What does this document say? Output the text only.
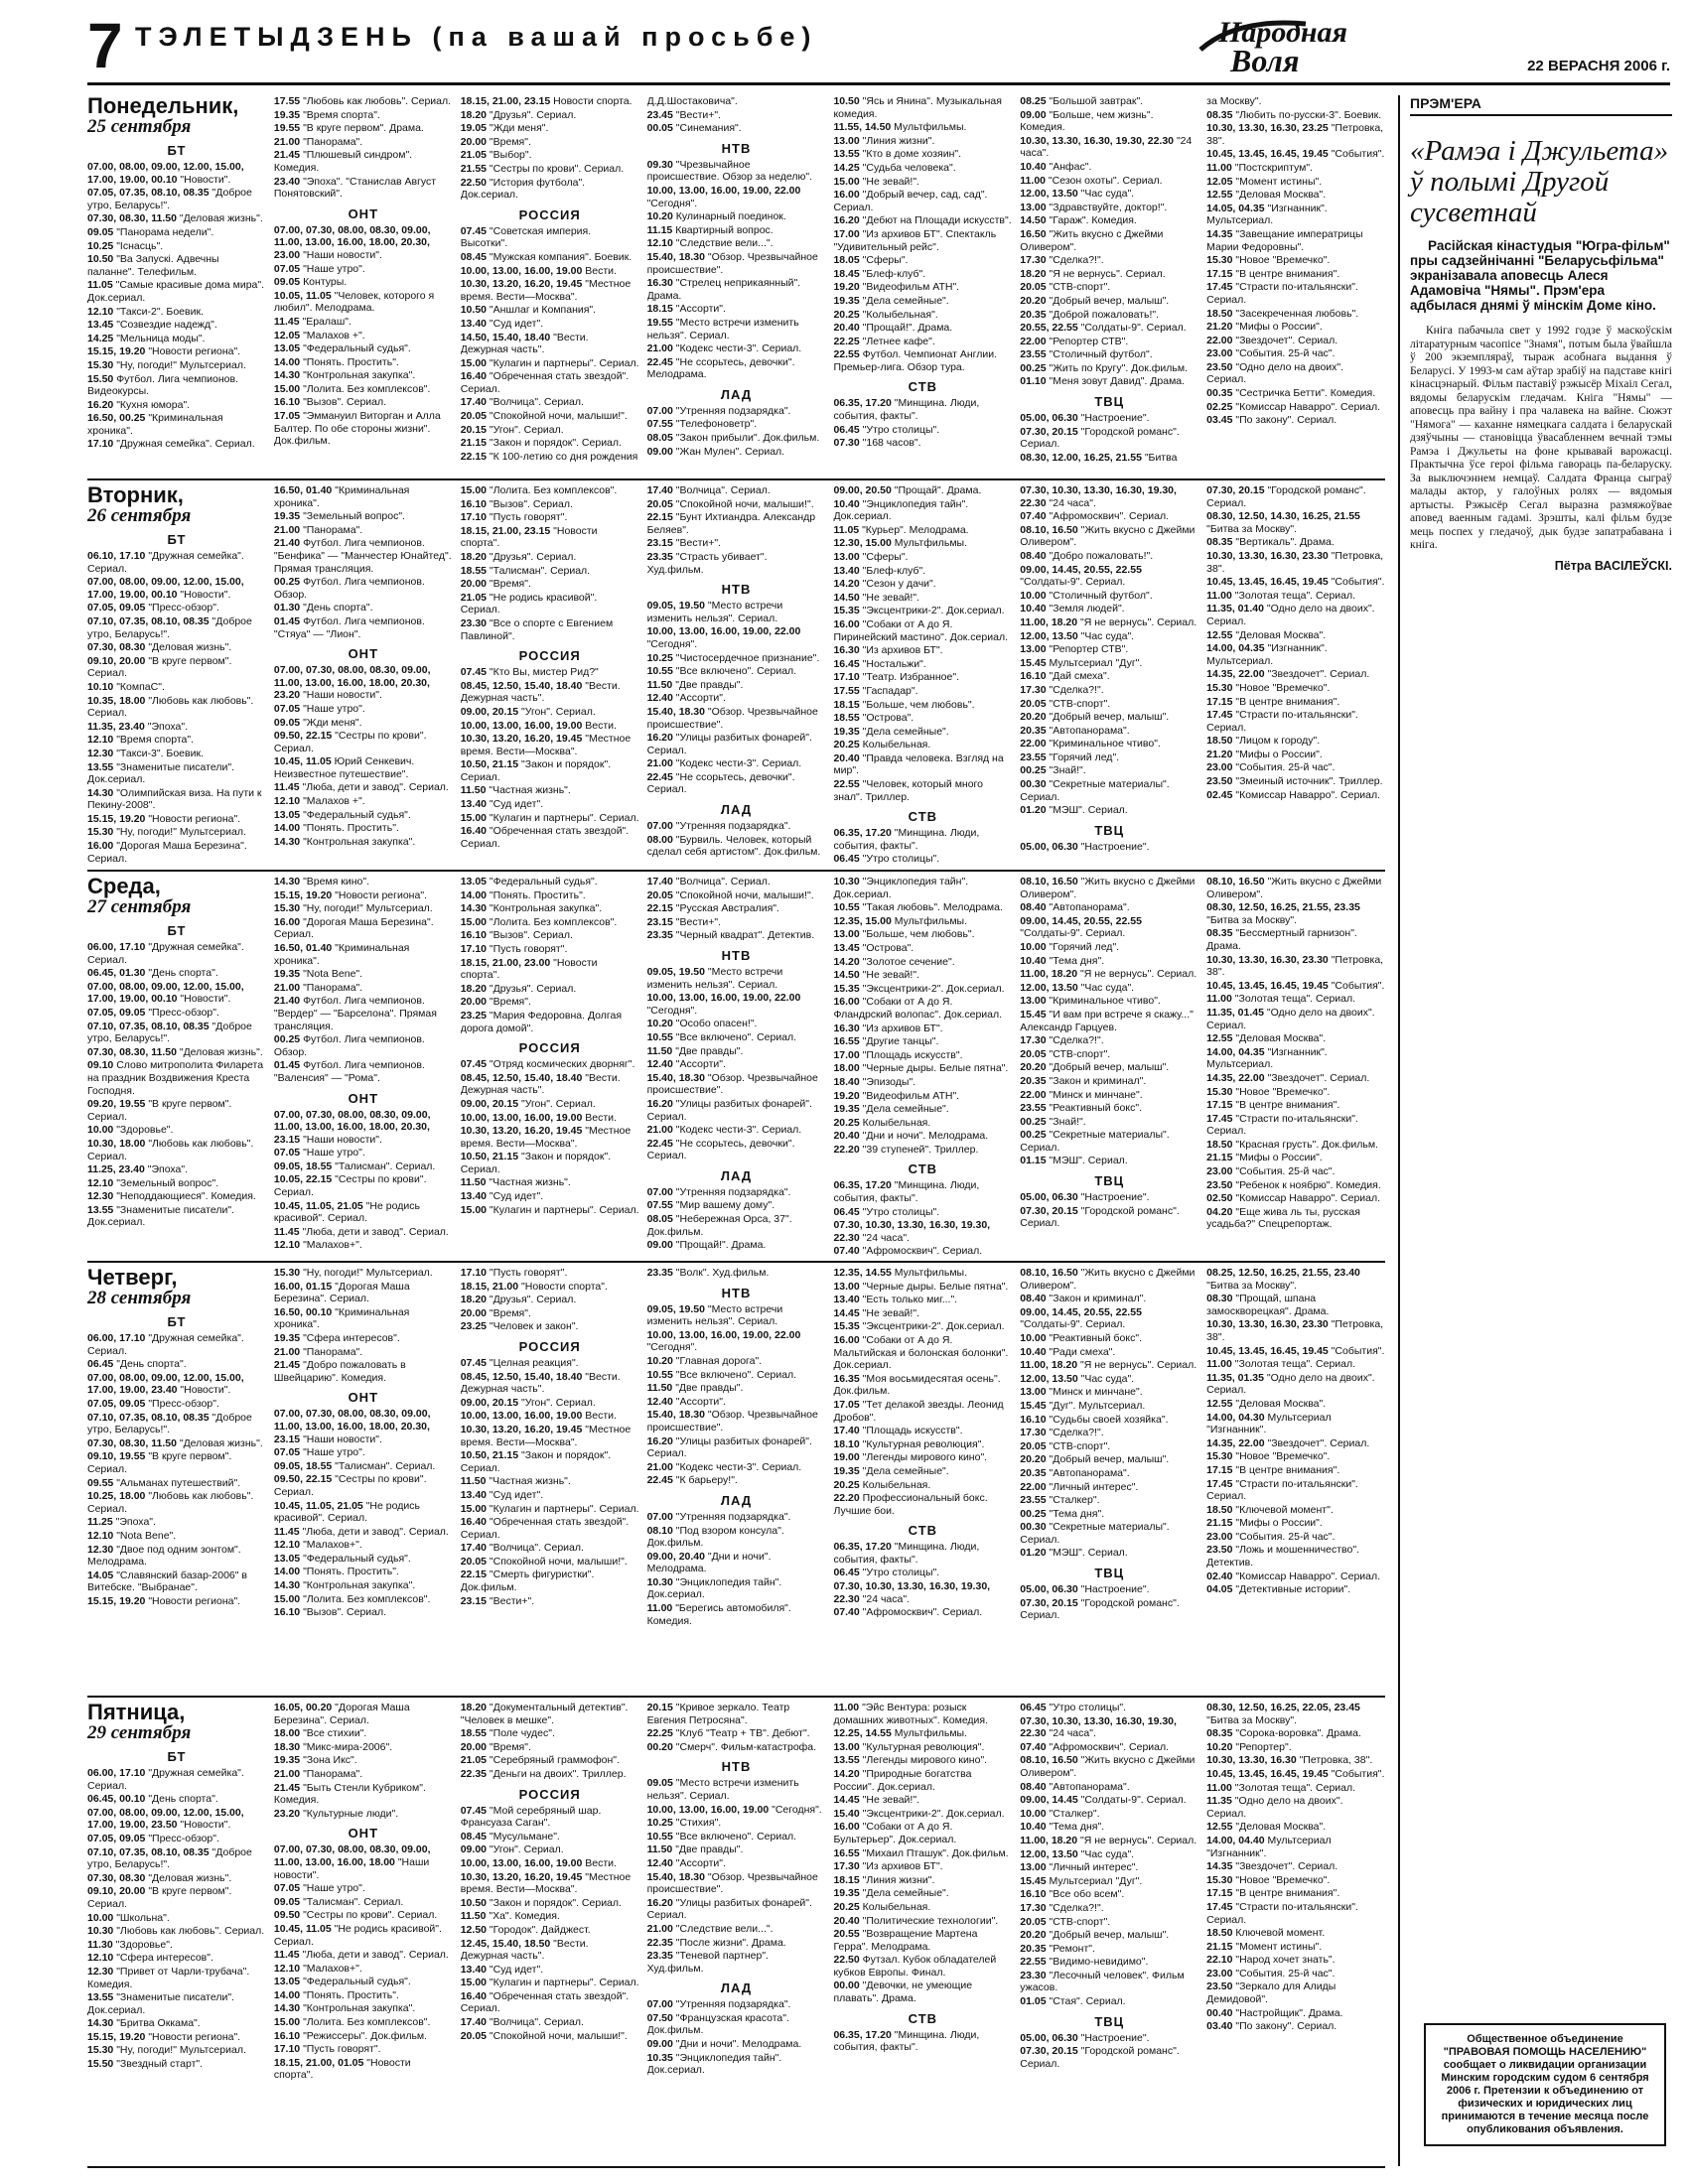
7 ТЭЛЕТЫДЗЕНЬ (па вашай просьбе)	Народная
Воля	22 ВЕРАСНЯ 2006 г.
Понедельник,
25 сентября
БТ

07.00, 08.00, 09.00, 12.00, 15.00, 17.00, 19.00, 00.10 "Новости".

07.05, 07.35, 08.10, 08.35 "Доброе утро, Беларусь!".

07.30, 08.30, 11.50 "Деловая жизнь".

09.05 "Панорама недели".

10.25 "Існасць".

10.50 "Ва Запускі. Адвечны паланне". Телефильм.

11.05 "Самые красивые дома мира". Док.сериал.

12.10 "Такси-2". Боевик.

13.45 "Созвездие надежд".

14.25 "Мельница моды".

15.15, 19.20 "Новости региона".

15.30 "Ну, погоди!" Мультсериал.

15.50 Футбол. Лига чемпионов. Видеокурсы.

16.20 "Кухня юмора".

16.50, 00.25 "Криминальная хроника".

17.10 "Дружная семейка". Сериал.

17.55 "Любовь как любовь". Сериал.

19.35 "Время спорта".

19.55 "В круге первом". Драма.

21.00 "Панорама".

21.45 "Плюшевый синдром". Комедия.

23.40 "Эпоха". "Станислав Август Понятовский".

ОНТ

07.00, 07.30, 08.00, 08.30, 09.00, 11.00, 13.00, 16.00, 18.00, 20.30, 23.00 "Наши новости".

07.05 "Наше утро".

09.05 Контуры.

10.05, 11.05 "Человек, которого я любил". Мелодрама.

11.45 "Ералаш".

12.05 "Малахов +".

13.05 "Федеральный судья".

14.00 "Понять. Простить".

14.30 "Контрольная закупка".

15.00 "Лолита. Без комплексов".

16.10 "Вызов". Сериал.

17.05 "Эммануил Виторган и Алла Балтер. По обе стороны жизни". Док.фильм.

18.15, 21.00, 23.15 Новости спорта.

18.20 "Друзья". Сериал.

19.05 "Жди меня".

20.00 "Время".

21.05 "Выбор".

21.55 "Сестры по крови". Сериал.

22.50 "История футбола". Док.сериал.

РОССИЯ

07.45 "Советская империя. Высотки".

08.45 "Мужская компания". Боевик.

10.00, 13.00, 16.00, 19.00 Вести.

10.30, 13.20, 16.20, 19.45 "Местное время. Вести—Москва".

10.50 "Аншлаг и Компания".

13.40 "Суд идет".

14.50, 15.40, 18.40 "Вести. Дежурная часть".

15.00 "Кулагин и партнеры". Сериал.

16.40 "Обреченная стать звездой". Сериал.

17.40 "Волчица". Сериал.

20.05 "Спокойной ночи, малыши!".

20.15 "Угон". Сериал.

21.15 "Закон и порядок". Сериал.

22.15 "К 100-летию со дня рождения

Д.Д.Шостаковича".

23.45 "Вести+".

00.05 "Синемания".

НТВ

09.30 "Чрезвычайное происшествие. Обзор за неделю".

10.00, 13.00, 16.00, 19.00, 22.00 "Сегодня".

10.20 Кулинарный поединок.

11.15 Квартирный вопрос.

12.10 "Следствие вели...".

15.40, 18.30 "Обзор. Чрезвычайное происшествие".

16.30 "Стрелец неприкаянный". Драма.

18.15 "Ассорти".

19.55 "Место встречи изменить нельзя". Сериал.

21.00 "Кодекс чести-3". Сериал.

22.45 "Не ссорьтесь, девочки". Мелодрама.

ЛАД

07.00 "Утренняя подзарядка".

07.55 "Телефоноветр".

08.05 "Закон прибыли". Док.фильм.

09.00 "Жан Мулен". Сериал.

10.50 "Ясь и Янина". Музыкальная комедия.

11.55, 14.50 Мультфильмы.

13.00 "Линия жизни".

13.55 "Кто в доме хозяин".

14.25 "Судьба человека".

15.00 "Не зевай!".

16.00 "Добрый вечер, сад, сад". Сериал.

16.20 "Дебют на Площади искусств".

17.00 "Из архивов БТ". Спектакль "Удивительный рейс".

18.05 "Сферы".

18.45 "Блеф-клуб".

19.20 "Видеофильм АТН".

19.35 "Дела семейные".

20.25 "Колыбельная".

20.40 "Прощай!". Драма.

22.25 "Летнее кафе".

22.55 Футбол. Чемпионат Англии. Премьер-лига. Обзор тура.

СТВ

06.35, 17.20 "Минщина. Люди, события, факты".

06.45 "Утро столицы".

07.30 "168 часов".

08.25 "Большой завтрак".

09.00 "Больше, чем жизнь". Комедия.

10.30, 13.30, 16.30, 19.30, 22.30 "24 часа".

10.40 "Анфас".

11.00 "Сезон охоты". Сериал.

12.00, 13.50 "Час суда".

13.00 "Здравствуйте, доктор!".

14.50 "Гараж". Комедия.

16.50 "Жить вкусно с Джейми Оливером".

17.30 "Сделка?!".

18.20 "Я не вернусь". Сериал.

20.05 "СТВ-спорт".

20.20 "Добрый вечер, малыш".

20.35 "Доброй пожаловать!".

20.55, 22.55 "Солдаты-9". Сериал.

22.00 "Репортер СТВ".

23.55 "Столичный футбол".

00.25 "Жить по Кругу". Док.фильм.

01.10 "Меня зовут Давид". Драма.

ТВЦ

05.00, 06.30 "Настроение".

07.30, 20.15 "Городской романс". Сериал.

08.30, 12.00, 16.25, 21.55 "Битва

за Москву".

08.35 "Любить по-русски-3". Боевик.

10.30, 13.30, 16.30, 23.25 "Петровка, 38".

10.45, 13.45, 16.45, 19.45 "События".

11.00 "Постскриптум".

12.05 "Момент истины".

12.55 "Деловая Москва".

14.05, 04.35 "Изгнанник". Мультсериал.

14.35 "Завещание императрицы Марии Федоровны".

15.30 "Новое "Времечко".

17.15 "В центре внимания".

17.45 "Страсти по-итальянски". Сериал.

18.50 "Засекреченная любовь".

21.20 "Мифы о России".

22.00 "Звездочет". Сериал.

23.00 "События. 25-й час".

23.50 "Одно дело на двоих". Сериал.

00.35 "Сестричка Бетти". Комедия.

02.25 "Комиссар Наварро". Сериал.

03.45 "По закону". Сериал.

Вторник,
26 сентября
БТ

06.10, 17.10 "Дружная семейка". Сериал.

07.00, 08.00, 09.00, 12.00, 15.00, 17.00, 19.00, 00.10 "Новости".

07.05, 09.05 "Пресс-обзор".

07.10, 07.35, 08.10, 08.35 "Доброе утро, Беларусь!".

07.30, 08.30 "Деловая жизнь".

09.10, 20.00 "В круге первом". Сериал.

10.10 "КомпаС".

10.35, 18.00 "Любовь как любовь". Сериал.

11.35, 23.40 "Эпоха".

12.10 "Время спорта".

12.30 "Такси-3". Боевик.

13.55 "Знаменитые писатели". Док.сериал.

14.30 "Олимпийская виза. На пути к Пекину-2008".

15.15, 19.20 "Новости региона".

15.30 "Ну, погоди!" Мультсериал.

16.00 "Дорогая Маша Березина". Сериал.

16.50, 01.40 "Криминальная хроника".

19.35 "Земельный вопрос".

21.00 "Панорама".

21.40 Футбол. Лига чемпионов. "Бенфика" — "Манчестер Юнайтед". Прямая трансляция.

00.25 Футбол. Лига чемпионов. Обзор.

01.30 "День спорта".

01.45 Футбол. Лига чемпионов. "Стяуа" — "Лион".

ОНТ

07.00, 07.30, 08.00, 08.30, 09.00, 11.00, 13.00, 16.00, 18.00, 20.30, 23.20 "Наши новости".

07.05 "Наше утро".

09.05 "Жди меня".

09.50, 22.15 "Сестры по крови". Сериал.

10.45, 11.05 Юрий Сенкевич. Неизвестное путешествие".

11.45 "Люба, дети и завод". Сериал.

12.10 "Малахов +".

13.05 "Федеральный судья".

14.00 "Понять. Простить".

14.30 "Контрольная закупка".

15.00 "Лолита. Без комплексов".

16.10 "Вызов". Сериал.

17.10 "Пусть говорят".

18.15, 21.00, 23.15 "Новости спорта".

18.20 "Друзья". Сериал.

18.55 "Талисман". Сериал.

20.00 "Время".

21.05 "Не родись красивой". Сериал.

23.30 "Все о спорте с Евгением Павлиной".

РОССИЯ

07.45 "Кто Вы, мистер Рид?"

08.45, 12.50, 15.40, 18.40 "Вести. Дежурная часть".

09.00, 20.15 "Угон". Сериал.

10.00, 13.00, 16.00, 19.00 Вести.

10.30, 13.20, 16.20, 19.45 "Местное время. Вести—Москва".

10.50, 21.15 "Закон и порядок". Сериал.

11.50 "Частная жизнь".

13.40 "Суд идет".

15.00 "Кулагин и партнеры". Сериал.

16.40 "Обреченная стать звездой". Сериал.

17.40 "Волчица". Сериал.

20.05 "Спокойной ночи, малыши!".

22.15 "Бунт Ихтиандра. Александр Беляев".

23.15 "Вести+".

23.35 "Страсть убивает". Худ.фильм.

НТВ

09.05, 19.50 "Место встречи изменить нельзя". Сериал.

10.00, 13.00, 16.00, 19.00, 22.00 "Сегодня".

10.25 "Чистосердечное признание".

10.55 "Все включено". Сериал.

11.50 "Две правды".

12.40 "Ассорти".

15.40, 18.30 "Обзор. Чрезвычайное происшествие".

16.20 "Улицы разбитых фонарей". Сериал.

21.00 "Кодекс чести-3". Сериал.

22.45 "Не ссорьтесь, девочки". Сериал.

ЛАД

07.00 "Утренняя подзарядка".

08.00 "Бурвиль. Человек, который сделал себя артистом". Док.фильм.

09.00, 20.50 "Прощай". Драма.

10.40 "Энциклопедия тайн". Док.сериал.

11.05 "Курьер". Мелодрама.

12.30, 15.00 Мультфильмы.

13.00 "Сферы".

13.40 "Блеф-клуб".

14.20 "Сезон у дачи".

14.50 "Не зевай!".

15.35 "Эксцентрики-2". Док.сериал.

16.00 "Собаки от А до Я. Пиринейский мастино". Док.сериал.

16.30 "Из архивов БТ".

16.45 "Ностальжи".

17.10 "Театр. Избранное".

17.55 "Гаспадар".

18.15 "Больше, чем любовь".

18.55 "Острова".

19.35 "Дела семейные".

20.25 Колыбельная.

20.40 "Правда человека. Взгляд на мир".

22.55 "Человек, который много знал". Триллер.

СТВ

06.35, 17.20 "Минщина. Люди, события, факты".

06.45 "Утро столицы".

07.30, 10.30, 13.30, 16.30, 19.30, 22.30 "24 часа".

07.40 "Афромосквич". Сериал.

08.10, 16.50 "Жить вкусно с Джейми Оливером".

08.40 "Добро пожаловать!".

09.00, 14.45, 20.55, 22.55 "Солдаты-9". Сериал.

10.00 "Столичный футбол".

10.40 "Земля людей".

11.00, 18.20 "Я не вернусь". Сериал.

12.00, 13.50 "Час суда".

13.00 "Репортер СТВ".

15.45 Мультсериал "Дуг".

16.10 "Дай смеха".

17.30 "Сделка?!".

20.05 "СТВ-спорт".

20.20 "Добрый вечер, малыш".

20.35 "Автопанорама".

22.00 "Криминальное чтиво".

23.55 "Горячий лед".

00.25 "Знай!".

00.30 "Секретные материалы". Сериал.

01.20 "МЭШ". Сериал.

ТВЦ

05.00, 06.30 "Настроение".

07.30, 20.15 "Городской романс". Сериал.

08.30, 12.50, 14.30, 16.25, 21.55 "Битва за Москву".

08.35 "Вертикаль". Драма.

10.30, 13.30, 16.30, 23.30 "Петровка, 38".

10.45, 13.45, 16.45, 19.45 "События".

11.00 "Золотая теща". Сериал.

11.35, 01.40 "Одно дело на двоих". Сериал.

12.55 "Деловая Москва".

14.00, 04.35 "Изгнанник". Мультсериал.

14.35, 22.00 "Звездочет". Сериал.

15.30 "Новое "Времечко".

17.15 "В центре внимания".

17.45 "Страсти по-итальянски". Сериал.

18.50 "Лицом к городу".

21.20 "Мифы о России".

23.00 "События. 25-й час".

23.50 "Змеиный источник". Триллер.

02.45 "Комиссар Наварро". Сериал.

Среда,
27 сентября
БТ

06.00, 17.10 "Дружная семейка". Сериал.

06.45, 01.30 "День спорта".

07.00, 08.00, 09.00, 12.00, 15.00, 17.00, 19.00, 00.10 "Новости".

07.05, 09.05 "Пресс-обзор".

07.10, 07.35, 08.10, 08.35 "Доброе утро, Беларусь!".

07.30, 08.30, 11.50 "Деловая жизнь".

09.10 Слово митрополита Филарета на праздник Воздвижения Креста Господня.

09.20, 19.55 "В круге первом". Сериал.

10.00 "Здоровье".

10.30, 18.00 "Любовь как любовь". Сериал.

11.25, 23.40 "Эпоха".

12.10 "Земельный вопрос".

12.30 "Неподдающиеся". Комедия.

13.55 "Знаменитые писатели". Док.сериал.

14.30 "Время кино".

15.15, 19.20 "Новости региона".

15.30 "Ну, погоди!" Мультсериал.

16.00 "Дорогая Маша Березина". Сериал.

16.50, 01.40 "Криминальная хроника".

19.35 "Nota Bene".

21.00 "Панорама".

21.40 Футбол. Лига чемпионов. "Вердер" — "Барселона". Прямая трансляция.

00.25 Футбол. Лига чемпионов. Обзор.

01.45 Футбол. Лига чемпионов. "Валенсия" — "Рома".

ОНТ

07.00, 07.30, 08.00, 08.30, 09.00, 11.00, 13.00, 16.00, 18.00, 20.30, 23.15 "Наши новости".

07.05 "Наше утро".

09.05, 18.55 "Талисман". Сериал.

10.05, 22.15 "Сестры по крови". Сериал.

10.45, 11.05, 21.05 "Не родись красивой". Сериал.

11.45 "Люба, дети и завод". Сериал.

12.10 "Малахов+".

13.05 "Федеральный судья".

14.00 "Понять. Простить".

14.30 "Контрольная закупка".

15.00 "Лолита. Без комплексов".

16.10 "Вызов". Сериал.

17.10 "Пусть говорят".

18.15, 21.00, 23.00 "Новости спорта".

18.20 "Друзья". Сериал.

20.00 "Время".

23.25 "Мария Федоровна. Долгая дорога домой".

РОССИЯ

07.45 "Отряд космических дворняг".

08.45, 12.50, 15.40, 18.40 "Вести. Дежурная часть".

09.00, 20.15 "Угон". Сериал.

10.00, 13.00, 16.00, 19.00 Вести.

10.30, 13.20, 16.20, 19.45 "Местное время. Вести—Москва".

10.50, 21.15 "Закон и порядок". Сериал.

11.50 "Частная жизнь".

13.40 "Суд идет".

15.00 "Кулагин и партнеры". Сериал.

17.40 "Волчица". Сериал.

20.05 "Спокойной ночи, малыши!".

22.15 "Русская Австралия".

23.15 "Вести+".

23.35 "Черный квадрат". Детектив.

НТВ

09.05, 19.50 "Место встречи изменить нельзя". Сериал.

10.00, 13.00, 16.00, 19.00, 22.00 "Сегодня".

10.20 "Особо опасен!".

10.55 "Все включено". Сериал.

11.50 "Две правды".

12.40 "Ассорти".

15.40, 18.30 "Обзор. Чрезвычайное происшествие".

16.20 "Улицы разбитых фонарей". Сериал.

21.00 "Кодекс чести-3". Сериал.

22.45 "Не ссорьтесь, девочки". Сериал.

ЛАД

07.00 "Утренняя подзарядка".

07.55 "Мир вашему дому".

08.05 "Небережная Орса, 37". Док.фильм.

09.00 "Прощай!". Драма.

10.30 "Энциклопедия тайн". Док.сериал.

10.55 "Такая любовь". Мелодрама.

12.35, 15.00 Мультфильмы.

13.00 "Больше, чем любовь".

13.45 "Острова".

14.20 "Золотое сечение".

14.50 "Не зевай!".

15.35 "Эксцентрики-2". Док.сериал.

16.00 "Собаки от А до Я. Фландрский волопас". Док.сериал.

16.30 "Из архивов БТ".

16.55 "Другие танцы".

17.00 "Площадь искусств".

18.00 "Черные дыры. Белые пятна".

18.40 "Эпизоды".

19.20 "Видеофильм АТН".

19.35 "Дела семейные".

20.25 Колыбельная.

20.40 "Дни и ночи". Мелодрама.

22.20 "39 ступеней". Триллер.

СТВ

06.35, 17.20 "Минщина. Люди, события, факты".

06.45 "Утро столицы".

07.30, 10.30, 13.30, 16.30, 19.30, 22.30 "24 часа".

07.40 "Афромосквич". Сериал.

08.10, 16.50 "Жить вкусно с Джейми Оливером".

08.40 "Автопанорама".

09.00, 14.45, 20.55, 22.55 "Солдаты-9". Сериал.

10.00 "Горячий лед".

10.40 "Тема дня".

11.00, 18.20 "Я не вернусь". Сериал.

12.00, 13.50 "Час суда".

13.00 "Криминальное чтиво".

15.45 "И вам при встрече я скажу..." Александр Гарцуев.

17.30 "Сделка?!".

20.05 "СТВ-спорт".

20.20 "Добрый вечер, малыш".

20.35 "Закон и криминал".

22.00 "Минск и минчане".

23.55 "Реактивный бокс".

00.25 "Знай!".

00.25 "Секретные материалы". Сериал.

01.15 "МЭШ". Сериал.

ТВЦ

05.00, 06.30 "Настроение".

07.30, 20.15 "Городской романс". Сериал.

08.10, 16.50 "Жить вкусно с Джейми Оливером".

08.30, 12.50, 16.25, 21.55, 23.35 "Битва за Москву".

08.35 "Бессмертный гарнизон". Драма.

10.30, 13.30, 16.30, 23.30 "Петровка, 38".

10.45, 13.45, 16.45, 19.45 "События".

11.00 "Золотая теща". Сериал.

11.35, 01.45 "Одно дело на двоих". Сериал.

12.55 "Деловая Москва".

14.00, 04.35 "Изгнанник". Мультсериал.

14.35, 22.00 "Звездочет". Сериал.

15.30 "Новое "Времечко".

17.15 "В центре внимания".

17.45 "Страсти по-итальянски". Сериал.

18.50 "Красная грусть". Док.фильм.

21.15 "Мифы о России".

23.00 "События. 25-й час".

23.50 "Ребенок к ноябрю". Комедия.

02.50 "Комиссар Наварро". Сериал.

04.20 "Еще жива ль ты, русская усадьба?" Спецрепортаж.

Четверг,
28 сентября
БТ

06.00, 17.10 "Дружная семейка". Сериал.

06.45 "День спорта".

07.00, 08.00, 09.00, 12.00, 15.00, 17.00, 19.00, 23.40 "Новости".

07.05, 09.05 "Пресс-обзор".

07.10, 07.35, 08.10, 08.35 "Доброе утро, Беларусь!".

07.30, 08.30, 11.50 "Деловая жизнь".

09.10, 19.55 "В круге первом". Сериал.

09.55 "Альманах путешествий".

10.25, 18.00 "Любовь как любовь". Сериал.

11.25 "Эпоха".

12.10 "Nota Bene".

12.30 "Двое под одним зонтом". Мелодрама.

14.05 "Славянский базар-2006" в Витебске. "Выбранае".

15.15, 19.20 "Новости региона".

15.30 "Ну, погоди!" Мультсериал.

16.00, 01.15 "Дорогая Маша Березина". Сериал.

16.50, 00.10 "Криминальная хроника".

19.35 "Сфера интересов".

21.00 "Панорама".

21.45 "Добро пожаловать в Швейцарию". Комедия.

ОНТ

07.00, 07.30, 08.00, 08.30, 09.00, 11.00, 13.00, 16.00, 18.00, 20.30, 23.15 "Наши новости".

07.05 "Наше утро".

09.05, 18.55 "Талисман". Сериал.

09.50, 22.15 "Сестры по крови". Сериал.

10.45, 11.05, 21.05 "Не родись красивой". Сериал.

11.45 "Люба, дети и завод". Сериал.

12.10 "Малахов+".

13.05 "Федеральный судья".

14.00 "Понять. Простить".

14.30 "Контрольная закупка".

15.00 "Лолита. Без комплексов".

16.10 "Вызов". Сериал.

17.10 "Пусть говорят".

18.15, 21.00 "Новости спорта".

18.20 "Друзья". Сериал.

20.00 "Время".

23.25 "Человек и закон".

РОССИЯ

07.45 "Целная реакция".

08.45, 12.50, 15.40, 18.40 "Вести. Дежурная часть".

09.00, 20.15 "Угон". Сериал.

10.00, 13.00, 16.00, 19.00 Вести.

10.30, 13.20, 16.20, 19.45 "Местное время. Вести—Москва".

10.50, 21.15 "Закон и порядок". Сериал.

11.50 "Частная жизнь".

13.40 "Суд идет".

15.00 "Кулагин и партнеры". Сериал.

16.40 "Обреченная стать звездой". Сериал.

17.40 "Волчица". Сериал.

20.05 "Спокойной ночи, малыши!".

22.15 "Смерть фигуристки". Док.фильм.

23.15 "Вести+".

23.35 "Волк". Худ.фильм.

НТВ

09.05, 19.50 "Место встречи изменить нельзя". Сериал.

10.00, 13.00, 16.00, 19.00, 22.00 "Сегодня".

10.20 "Главная дорога".

10.55 "Все включено". Сериал.

11.50 "Две правды".

12.40 "Ассорти".

15.40, 18.30 "Обзор. Чрезвычайное происшествие".

16.20 "Улицы разбитых фонарей". Сериал.

21.00 "Кодекс чести-3". Сериал.

22.45 "К барьеру!".

ЛАД

07.00 "Утренняя подзарядка".

08.10 "Под взором консула". Док.фильм.

09.00, 20.40 "Дни и ночи". Мелодрама.

10.30 "Энциклопедия тайн". Док.сериал.

11.00 "Берегись автомобиля". Комедия.

12.35, 14.55 Мультфильмы.

13.00 "Черные дыры. Белые пятна".

13.40 "Есть только миг...".

14.45 "Не зевай!".

15.35 "Эксцентрики-2". Док.сериал.

16.00 "Собаки от А до Я. Мальтийская и болонская болонки". Док.сериал.

16.35 "Моя восьмидесятая осень". Док.фильм.

17.05 "Тет делакой звезды. Леонид Дробов".

17.40 "Площадь искусств".

18.10 "Культурная революция".

19.00 "Легенды мирового кино".

19.35 "Дела семейные".

20.25 Колыбельная.

22.20 Профессиональный бокс. Лучшие бои.

СТВ

06.35, 17.20 "Минщина. Люди, события, факты".

06.45 "Утро столицы".

07.30, 10.30, 13.30, 16.30, 19.30, 22.30 "24 часа".

07.40 "Афромосквич". Сериал.

08.10, 16.50 "Жить вкусно с Джейми Оливером".

08.40 "Закон и криминал".

09.00, 14.45, 20.55, 22.55 "Солдаты-9". Сериал.

10.00 "Реактивный бокс".

10.40 "Ради смеха".

11.00, 18.20 "Я не вернусь". Сериал.

12.00, 13.50 "Час суда".

13.00 "Минск и минчане".

15.45 "Дуг". Мультсериал.

16.10 "Судьбы своей хозяйка".

17.30 "Сделка?!".

20.05 "СТВ-спорт".

20.20 "Добрый вечер, малыш".

20.35 "Автопанорама".

22.00 "Личный интерес".

23.55 "Сталкер".

00.25 "Тема дня".

00.30 "Секретные материалы". Сериал.

01.20 "МЭШ". Сериал.

ТВЦ

05.00, 06.30 "Настроение".

07.30, 20.15 "Городской романс". Сериал.

08.25, 12.50, 16.25, 21.55, 23.40 "Битва за Москву".

08.30 "Прощай, шпана замоскворецкая". Драма.

10.30, 13.30, 16.30, 23.30 "Петровка, 38".

10.45, 13.45, 16.45, 19.45 "События".

11.00 "Золотая теща". Сериал.

11.35, 01.35 "Одно дело на двоих". Сериал.

12.55 "Деловая Москва".

14.00, 04.30 Мультсериал "Изгнанник".

14.35, 22.00 "Звездочет". Сериал.

15.30 "Новое "Времечко".

17.15 "В центре внимания".

17.45 "Страсти по-итальянски". Сериал.

18.50 "Ключевой момент".

21.15 "Мифы о России".

23.00 "События. 25-й час".

23.50 "Ложь и мошенничество". Детектив.

02.40 "Комиссар Наварро". Сериал.

04.05 "Детективные истории".

Пятница,
29 сентября
БТ

06.00, 17.10 "Дружная семейка". Сериал.

06.45, 00.10 "День спорта".

07.00, 08.00, 09.00, 12.00, 15.00, 17.00, 19.00, 23.50 "Новости".

07.05, 09.05 "Пресс-обзор".

07.10, 07.35, 08.10, 08.35 "Доброе утро, Беларусь!".

07.30, 08.30 "Деловая жизнь".

09.10, 20.00 "В круге первом". Сериал.

10.00 "Школьна".

10.30 "Любовь как любовь". Сериал.

11.30 "Здоровье".

12.10 "Сфера интересов".

12.30 "Привет от Чарли-трубача". Комедия.

13.55 "Знаменитые писатели". Док.сериал.

14.30 "Бритва Оккама".

15.15, 19.20 "Новости региона".

15.30 "Ну, погоди!" Мультсериал.

15.50 "Звездный старт".

16.05, 00.20 "Дорогая Маша Березина". Сериал.

18.00 "Все стихии".

18.30 "Микс-мира-2006".

19.35 "Зона Икс".

21.00 "Панорама".

21.45 "Быть Стенли Кубриком". Комедия.

23.20 "Культурные люди".

ОНТ

07.00, 07.30, 08.00, 08.30, 09.00, 11.00, 13.00, 16.00, 18.00 "Наши новости".

07.05 "Наше утро".

09.05 "Талисман". Сериал.

09.50 "Сестры по крови". Сериал.

10.45, 11.05 "Не родись красивой". Сериал.

11.45 "Люба, дети и завод". Сериал.

12.10 "Малахов+".

13.05 "Федеральный судья".

14.00 "Понять. Простить".

14.30 "Контрольная закупка".

15.00 "Лолита. Без комплексов".

16.10 "Режиссеры". Док.фильм.

17.10 "Пусть говорят".

18.15, 21.00, 01.05 "Новости спорта".

18.20 "Документальный детектив". "Человек в мешке".

18.55 "Поле чудес".

20.00 "Время".

21.05 "Серебряный граммофон".

22.35 "Деньги на двоих". Триллер.

РОССИЯ

07.45 "Мой серебряный шар. Франсуаза Саган".

08.45 "Мусульмане".

09.00 "Угон". Сериал.

10.00, 13.00, 16.00, 19.00 Вести.

10.30, 13.20, 16.20, 19.45 "Местное время. Вести—Москва".

10.50 "Закон и порядок". Сериал.

11.50 "Ха". Комедия.

12.50 "Городок". Дайджест.

12.45, 15.40, 18.50 "Вести. Дежурная часть".

13.40 "Суд идет".

15.00 "Кулагин и партнеры". Сериал.

16.40 "Обреченная стать звездой". Сериал.

17.40 "Волчица". Сериал.

20.05 "Спокойной ночи, малыши!".

20.15 "Кривое зеркало. Театр Евгения Петросяна".

22.25 "Клуб "Театр + ТВ". Дебют".

00.20 "Смерч". Фильм-катастрофа.

НТВ

09.05 "Место встречи изменить нельзя". Сериал.

10.00, 13.00, 16.00, 19.00 "Сегодня".

10.25 "Стихия".

10.55 "Все включено". Сериал.

11.50 "Две правды".

12.40 "Ассорти".

15.40, 18.30 "Обзор. Чрезвычайное происшествие".

16.20 "Улицы разбитых фонарей". Сериал.

21.00 "Следствие вели...".

22.35 "После жизни". Драма.

23.35 "Теневой партнер". Худ.фильм.

ЛАД

07.00 "Утренняя подзарядка".

07.50 "Французская красота". Док.фильм.

09.00 "Дни и ночи". Мелодрама.

10.35 "Энциклопедия тайн". Док.сериал.

11.00 "Эйс Вентура: розыск домашних животных". Комедия.

12.25, 14.55 Мультфильмы.

13.00 "Культурная революция".

13.55 "Легенды мирового кино".

14.20 "Природные богатства России". Док.сериал.

14.45 "Не зевай!".

15.40 "Эксцентрики-2". Док.сериал.

16.00 "Собаки от А до Я. Бультерьер". Док.сериал.

16.55 "Михаил Пташук". Док.фильм.

17.30 "Из архивов БТ".

18.15 "Линия жизни".

19.35 "Дела семейные".

20.25 Колыбельная.

20.40 "Политические технологии".

20.55 "Возвращение Мартена Герра". Мелодрама.

22.50 Футзал. Кубок обладателей кубков Европы. Финал.

00.00 "Девочки, не умеющие плавать". Драма.

СТВ

06.35, 17.20 "Минщина. Люди, события, факты".

06.45 "Утро столицы".

07.30, 10.30, 13.30, 16.30, 19.30, 22.30 "24 часа".

07.40 "Афромосквич". Сериал.

08.10, 16.50 "Жить вкусно с Джейми Оливером".

08.40 "Автопанорама".

09.00, 14.45 "Солдаты-9". Сериал.

10.00 "Сталкер".

10.40 "Тема дня".

11.00, 18.20 "Я не вернусь". Сериал.

12.00, 13.50 "Час суда".

13.00 "Личный интерес".

15.45 Мультсериал "Дуг".

16.10 "Все обо всем".

17.30 "Сделка?!".

20.05 "СТВ-спорт".

20.20 "Добрый вечер, малыш".

20.35 "Ремонт".

22.55 "Видимо-невидимо".

23.30 "Лесочный человек". Фильм ужасов.

01.05 "Стая". Сериал.

ТВЦ

05.00, 06.30 "Настроение".

07.30, 20.15 "Городской романс". Сериал.

08.30, 12.50, 16.25, 22.05, 23.45 "Битва за Москву".

08.35 "Сорока-воровка". Драма.

10.20 "Репортер".

10.30, 13.30, 16.30 "Петровка, 38".

10.45, 13.45, 16.45, 19.45 "События".

11.00 "Золотая теща". Сериал.

11.35 "Одно дело на двоих". Сериал.

12.55 "Деловая Москва".

14.00, 04.40 Мультсериал "Изгнанник".

14.35 "Звездочет". Сериал.

15.30 "Новое "Времечко".

17.15 "В центре внимания".

17.45 "Страсти по-итальянски". Сериал.

18.50 Ключевой момент.

21.15 "Момент истины".

22.10 "Народ хочет знать".

23.00 "События. 25-й час".

23.50 "Зеркало для Алиды Демидовой".

00.40 "Настройщик". Драма.

03.40 "По закону". Сериал.

ПРЭМ'ЕРА
«Рамэа і Джульета» ў полымі Другой сусветнай
Расійская кінастудыя "Югра-фільм" пры садзейнічанні "Беларусьфільма" экранізавала аповесць Алеся Адамовіча "Нямы". Прэм'ера адбылася днямі ў мінскім Доме кіно.
Кніга пабачыла свет у 1992 годзе ў маскоўскім літаратурным часопісе "Знамя", потым была ўвайшла ў 200 экземпляраў, тыраж асобнага выдання ў Беларусі. У 1993-м сам аўтар зрабіў на падставе кнігі кінасцэнарый. Фільм паставіў рэжысёр Міхаіл Сегал, вядомы беларускім гледачам. Кніга "Нямы" — аповесць пра вайну і пра чалавека на вайне. Сюжэт "Нямога" — каханне нямецкага салдата і беларускай дзяўчыны — становіцца ўвасабленнем вечнай тэмы Рамэа і Джульеты на фоне крывавай варожасці. Практычна ўсе героі фільма гавораць па-беларуску. За выключэннем немцаў. Салдата Франца сыграў малады актор, у галоўных ролях — вядомыя артысты. Рэжысёр Сегал выразна размяжоўвае аповед ваенным гадамі. Зрэшты, калі фільм будзе мець поспех у гледачоў, дык будзе запатрабавана і кніга.
Пётра ВАСІЛЕЎСКІ.
Общественное объединение "ПРАВОВАЯ ПОМОЩЬ НАСЕЛЕНИЮ" сообщает о ликвидации организации Минским городским судом 6 сентября 2006 г. Претензии к объединению от физических и юридических лиц принимаются в течение месяца после опубликования объявления.
